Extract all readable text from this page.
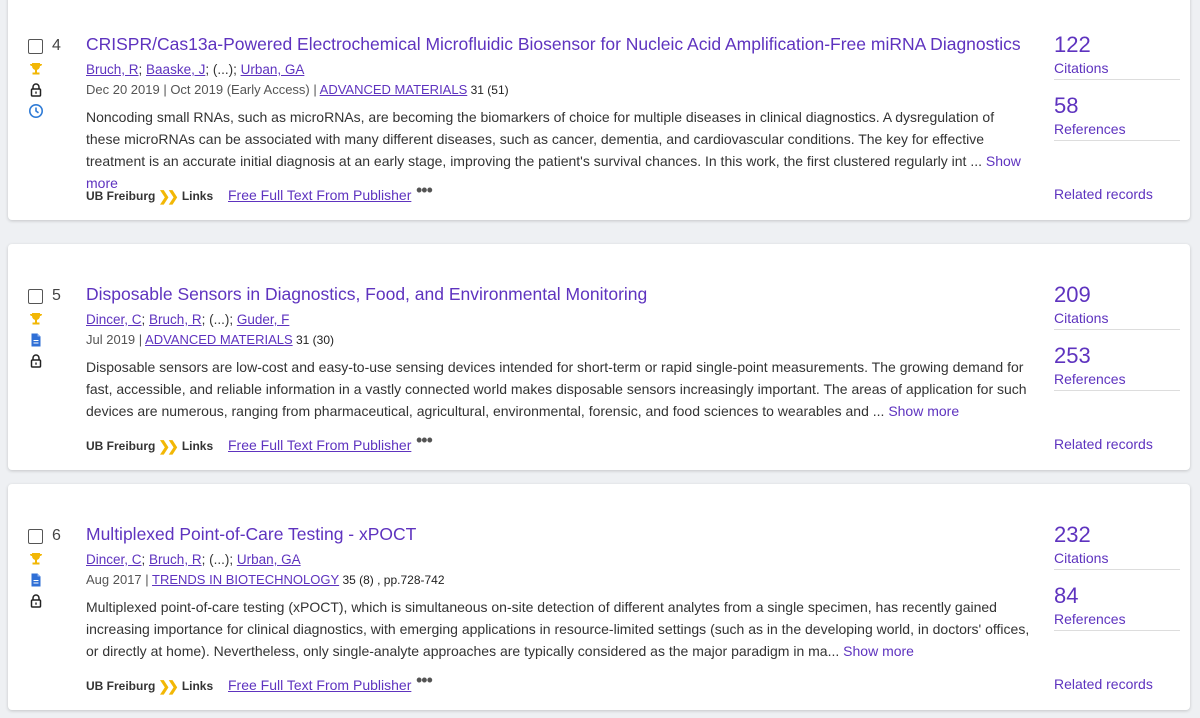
4 CRISPR/Cas13a-Powered Electrochemical Microfluidic Biosensor for Nucleic Acid Amplification-Free miRNA Diagnostics
Bruch, R; Baaske, J; (...); Urban, GA
Dec 20 2019 | Oct 2019 (Early Access) | ADVANCED MATERIALS 31 (51)
Noncoding small RNAs, such as microRNAs, are becoming the biomarkers of choice for multiple diseases in clinical diagnostics. A dysregulation of these microRNAs can be associated with many different diseases, such as cancer, dementia, and cardiovascular conditions. The key for effective treatment is an accurate initial diagnosis at an early stage, improving the patient's survival chances. In this work, the first clustered regularly int ... Show more
UB Freiburg ❯❯ Links Free Full Text From Publisher •••
122
Citations
58
References
Related records
5 Disposable Sensors in Diagnostics, Food, and Environmental Monitoring
Dincer, C; Bruch, R; (...); Guder, F
Jul 2019 | ADVANCED MATERIALS 31 (30)
Disposable sensors are low-cost and easy-to-use sensing devices intended for short-term or rapid single-point measurements. The growing demand for fast, accessible, and reliable information in a vastly connected world makes disposable sensors increasingly important. The areas of application for such devices are numerous, ranging from pharmaceutical, agricultural, environmental, forensic, and food sciences to wearables and ... Show more
UB Freiburg ❯❯ Links Free Full Text From Publisher •••
209
Citations
253
References
Related records
6 Multiplexed Point-of-Care Testing - xPOCT
Dincer, C; Bruch, R; (...); Urban, GA
Aug 2017 | TRENDS IN BIOTECHNOLOGY 35 (8) , pp.728-742
Multiplexed point-of-care testing (xPOCT), which is simultaneous on-site detection of different analytes from a single specimen, has recently gained increasing importance for clinical diagnostics, with emerging applications in resource-limited settings (such as in the developing world, in doctors' offices, or directly at home). Nevertheless, only single-analyte approaches are typically considered as the major paradigm in ma... Show more
UB Freiburg ❯❯ Links Free Full Text From Publisher •••
232
Citations
84
References
Related records
